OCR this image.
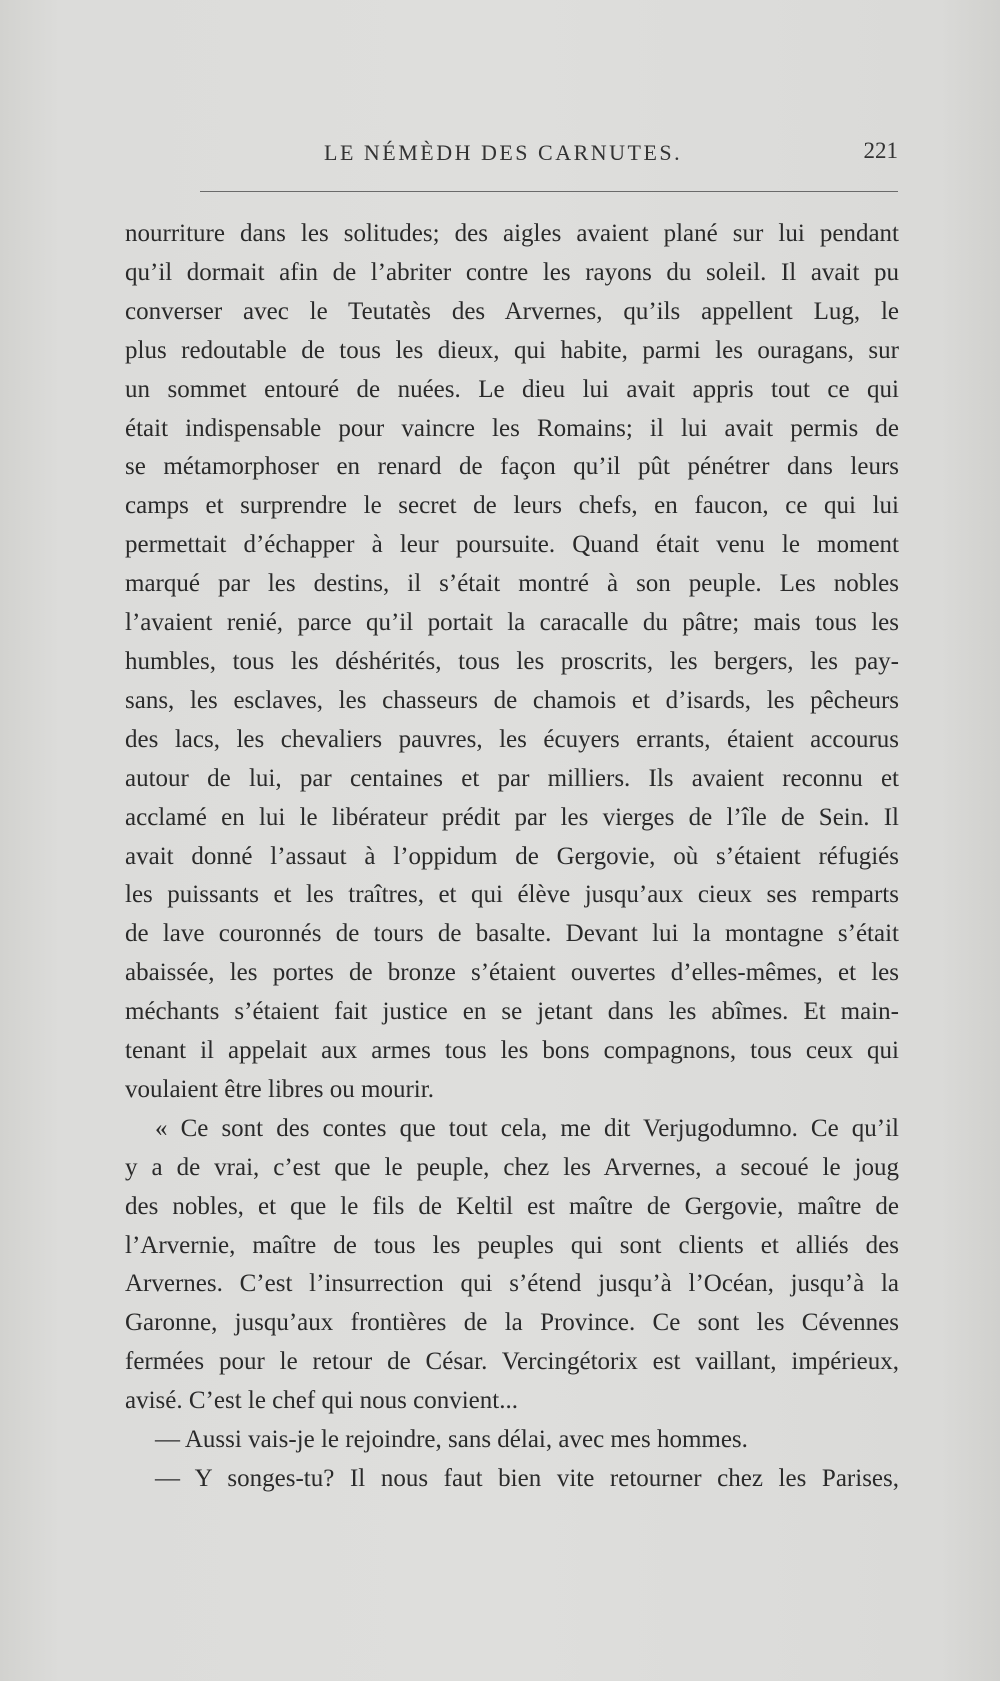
LE NÉMÈDH DES CARNUTES.	221

nourriture dans les solitudes; des aigles avaient plané sur lui pendant
qu’il dormait afin de l’abriter contre les rayons du soleil. Il avait pu
converser avec le Teutatès des Arvernes, qu’ils appellent Lug, le
plus redoutable de tous les dieux, qui habite, parmi les ouragans, sur
un sommet entouré de nuées. Le dieu lui avait appris tout ce qui
était indispensable pour vaincre les Romains; il lui avait permis de
se métamorphoser en renard de façon qu’il pût pénétrer dans leurs
camps et surprendre le secret de leurs chefs, en faucon, ce qui lui
permettait d’échapper à leur poursuite. Quand était venu le moment
marqué par les destins, il s’était montré à son peuple. Les nobles
l’avaient renié, parce qu’il portait la caracalle du pâtre; mais tous les
humbles, tous les déshérités, tous les proscrits, les bergers, les pay-
sans, les esclaves, les chasseurs de chamois et d’isards, les pêcheurs
des lacs, les chevaliers pauvres, les écuyers errants, étaient accourus
autour de lui, par centaines et par milliers. Ils avaient reconnu et
acclamé en lui le libérateur prédit par les vierges de l’île de Sein. Il
avait donné l’assaut à l’oppidum de Gergovie, où s’étaient réfugiés
les puissants et les traîtres, et qui élève jusqu’aux cieux ses remparts
de lave couronnés de tours de basalte. Devant lui la montagne s’était
abaissée, les portes de bronze s’étaient ouvertes d’elles-mêmes, et les
méchants s’étaient fait justice en se jetant dans les abîmes. Et main-
tenant il appelait aux armes tous les bons compagnons, tous ceux qui
voulaient être libres ou mourir.

« Ce sont des contes que tout cela, me dit Verjugodumno. Ce qu’il
y a de vrai, c’est que le peuple, chez les Arvernes, a secoué le joug
des nobles, et que le fils de Keltil est maître de Gergovie, maître de
l’Arvernie, maître de tous les peuples qui sont clients et alliés des
Arvernes. C’est l’insurrection qui s’étend jusqu’à l’Océan, jusqu’à la
Garonne, jusqu’aux frontières de la Province. Ce sont les Cévennes
fermées pour le retour de César. Vercingétorix est vaillant, impérieux,
avisé. C’est le chef qui nous convient...

— Aussi vais-je le rejoindre, sans délai, avec mes hommes.

— Y songes-tu? Il nous faut bien vite retourner chez les Parises,
